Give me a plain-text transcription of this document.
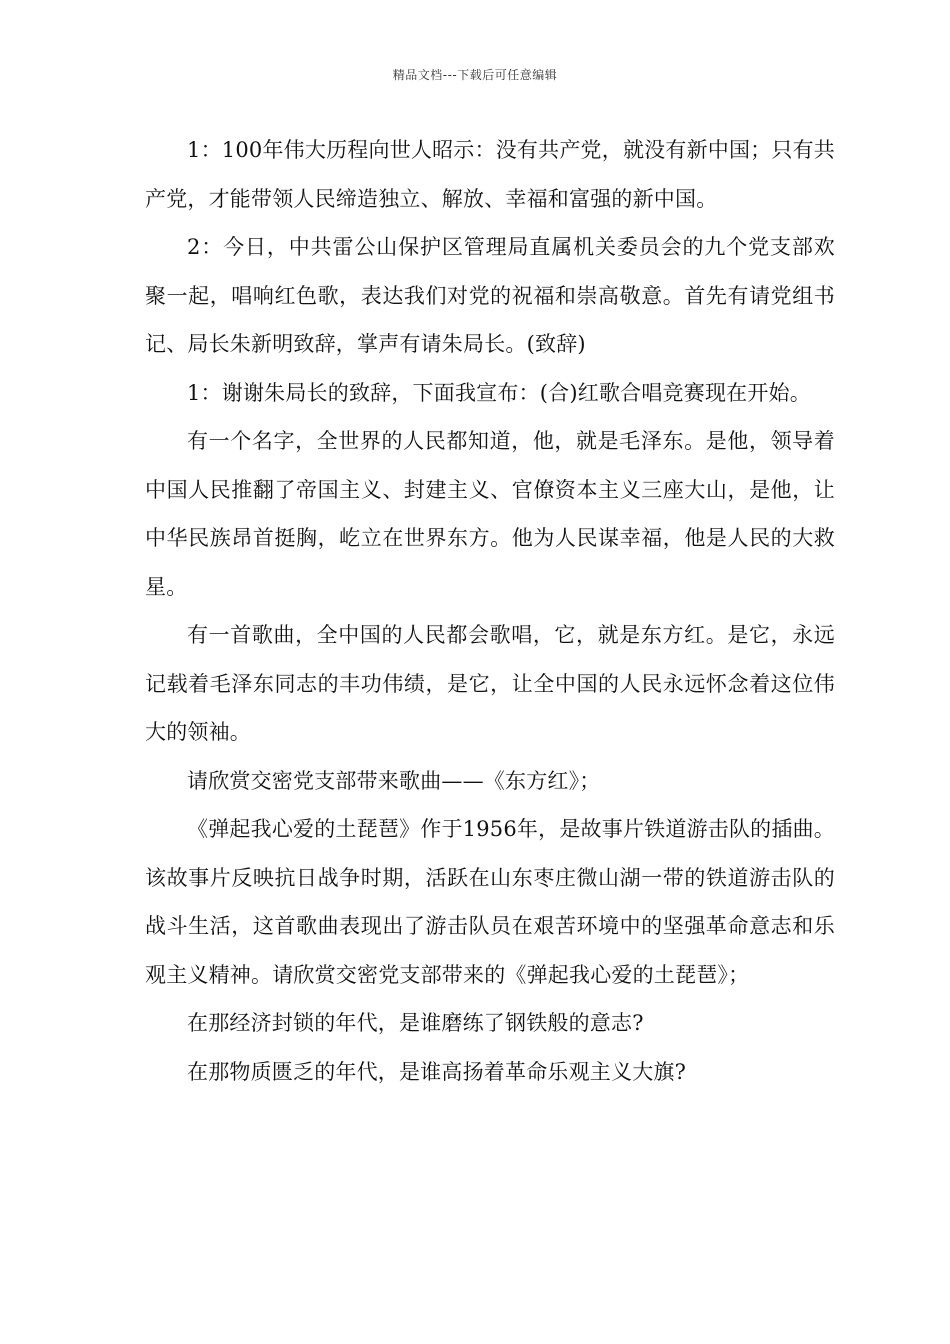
精品文档---下载后可任意编辑

1：100年伟大历程向世人昭示：没有共产党，就没有新中国；只有共产党，才能带领人民缔造独立、解放、幸福和富强的新中国。

2：今日，中共雷公山保护区管理局直属机关委员会的九个党支部欢聚一起，唱响红色歌，表达我们对党的祝福和崇高敬意。首先有请党组书记、局长朱新明致辞，掌声有请朱局长。(致辞)

1：谢谢朱局长的致辞，下面我宣布：(合)红歌合唱竞赛现在开始。

有一个名字，全世界的人民都知道，他，就是毛泽东。是他，领导着中国人民推翻了帝国主义、封建主义、官僚资本主义三座大山，是他，让中华民族昂首挺胸，屹立在世界东方。他为人民谋幸福，他是人民的大救星。

有一首歌曲，全中国的人民都会歌唱，它，就是东方红。是它，永远记载着毛泽东同志的丰功伟绩，是它，让全中国的人民永远怀念着这位伟大的领袖。

请欣赏交密党支部带来歌曲——《东方红》；

《弹起我心爱的土琵琶》作于1956年，是故事片铁道游击队的插曲。该故事片反映抗日战争时期，活跃在山东枣庄微山湖一带的铁道游击队的战斗生活，这首歌曲表现出了游击队员在艰苦环境中的坚强革命意志和乐观主义精神。请欣赏交密党支部带来的《弹起我心爱的土琵琶》；

在那经济封锁的年代，是谁磨练了钢铁般的意志?

在那物质匮乏的年代，是谁高扬着革命乐观主义大旗?
